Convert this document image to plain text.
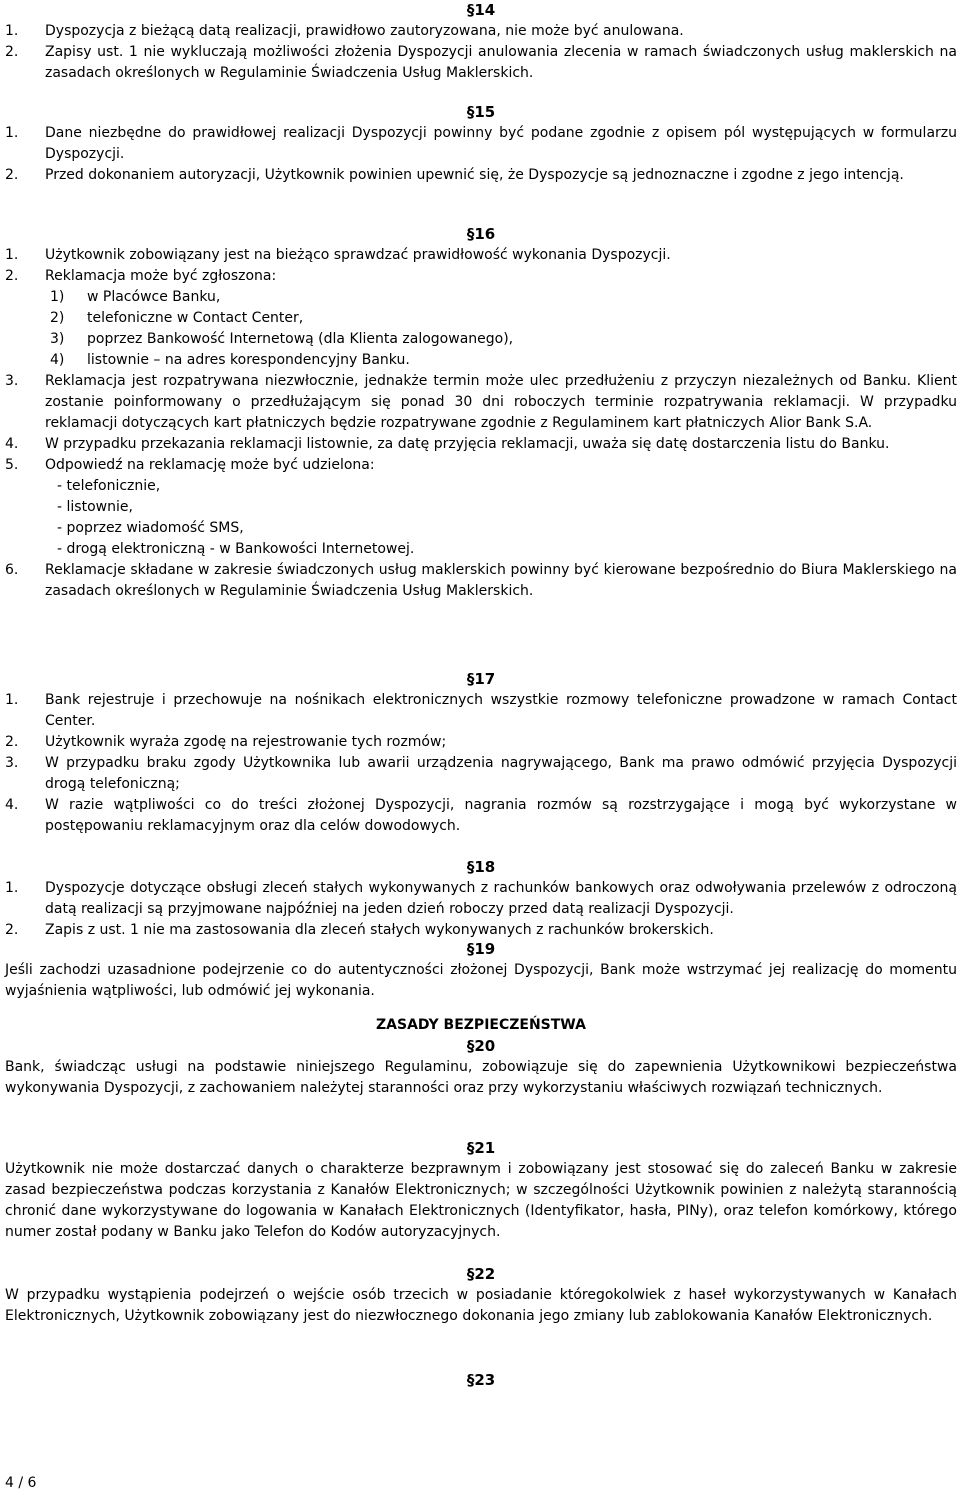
§14

1.	Dyspozycja z bieżącą datą realizacji, prawidłowo zautoryzowana, nie może być anulowana.
2.	Zapisy ust. 1 nie wykluczają możliwości złożenia Dyspozycji anulowania zlecenia w ramach świadczonych usług maklerskich na zasadach określonych w Regulaminie Świadczenia Usług Maklerskich.

§15

1.	Dane niezbędne do prawidłowej realizacji Dyspozycji powinny być podane zgodnie z opisem pól występujących w formularzu Dyspozycji.
2.	Przed dokonaniem autoryzacji, Użytkownik powinien upewnić się, że Dyspozycje są jednoznaczne i zgodne z jego intencją.

§16

1.	Użytkownik zobowiązany jest na bieżąco sprawdzać prawidłowość wykonania Dyspozycji.
2.	Reklamacja może być zgłoszona:
1)	w Placówce Banku,
2)	telefoniczne w Contact Center,
3)	poprzez Bankowość Internetową (dla Klienta zalogowanego),
4)	listownie – na adres korespondencyjny Banku.
3.	Reklamacja jest rozpatrywana niezwłocznie, jednakże termin może ulec przedłużeniu z przyczyn niezależnych od Banku. Klient zostanie poinformowany o przedłużającym się ponad 30 dni roboczych terminie rozpatrywania reklamacji. W przypadku reklamacji dotyczących kart płatniczych będzie rozpatrywane zgodnie z Regulaminem kart płatniczych Alior Bank S.A.
4.	W przypadku przekazania reklamacji listownie, za datę przyjęcia reklamacji, uważa się datę dostarczenia listu do Banku.
5.	Odpowiedź na reklamację może być udzielona:

- telefonicznie,

- listownie,

- poprzez wiadomość SMS,

- drogą elektroniczną - w Bankowości Internetowej.

6.	Reklamacje składane w zakresie świadczonych usług maklerskich powinny być kierowane bezpośrednio do Biura Maklerskiego na zasadach określonych w Regulaminie Świadczenia Usług Maklerskich.

§17

1.	Bank rejestruje i przechowuje na nośnikach elektronicznych wszystkie rozmowy telefoniczne prowadzone w ramach Contact Center.
2.	Użytkownik wyraża zgodę na rejestrowanie tych rozmów;
3.	W przypadku braku zgody Użytkownika lub awarii urządzenia nagrywającego, Bank ma prawo odmówić przyjęcia Dyspozycji drogą telefoniczną;
4.	W razie wątpliwości co do treści złożonej Dyspozycji, nagrania rozmów są rozstrzygające i mogą być wykorzystane w postępowaniu reklamacyjnym oraz dla celów dowodowych.

§18

1.	Dyspozycje dotyczące obsługi zleceń stałych wykonywanych z rachunków bankowych oraz odwoływania przelewów z odroczoną datą realizacji są przyjmowane najpóźniej na jeden dzień roboczy przed datą realizacji Dyspozycji.
2.	Zapis z ust. 1 nie ma zastosowania dla zleceń stałych wykonywanych z rachunków brokerskich.

§19

Jeśli zachodzi uzasadnione podejrzenie co do autentyczności złożonej Dyspozycji, Bank może wstrzymać jej realizację do momentu wyjaśnienia wątpliwości, lub odmówić jej wykonania.

ZASADY BEZPIECZEŃSTWA

§20

Bank, świadcząc usługi na podstawie niniejszego Regulaminu, zobowiązuje się do zapewnienia Użytkownikowi bezpieczeństwa wykonywania Dyspozycji, z zachowaniem należytej staranności oraz przy wykorzystaniu właściwych rozwiązań technicznych.

§21

Użytkownik nie może dostarczać danych o charakterze bezprawnym i zobowiązany jest stosować się do zaleceń Banku w zakresie zasad bezpieczeństwa podczas korzystania z Kanałów Elektronicznych; w szczególności Użytkownik powinien z należytą starannością chronić dane wykorzystywane do logowania w Kanałach Elektronicznych (Identyfikator, hasła, PINy), oraz telefon komórkowy, którego numer został podany w Banku jako Telefon do Kodów autoryzacyjnych.

§22

W przypadku wystąpienia podejrzeń o wejście osób trzecich w posiadanie któregokolwiek z haseł wykorzystywanych w Kanałach Elektronicznych, Użytkownik zobowiązany jest do niezwłocznego dokonania jego zmiany lub zablokowania Kanałów Elektronicznych.

§23

4 / 6
